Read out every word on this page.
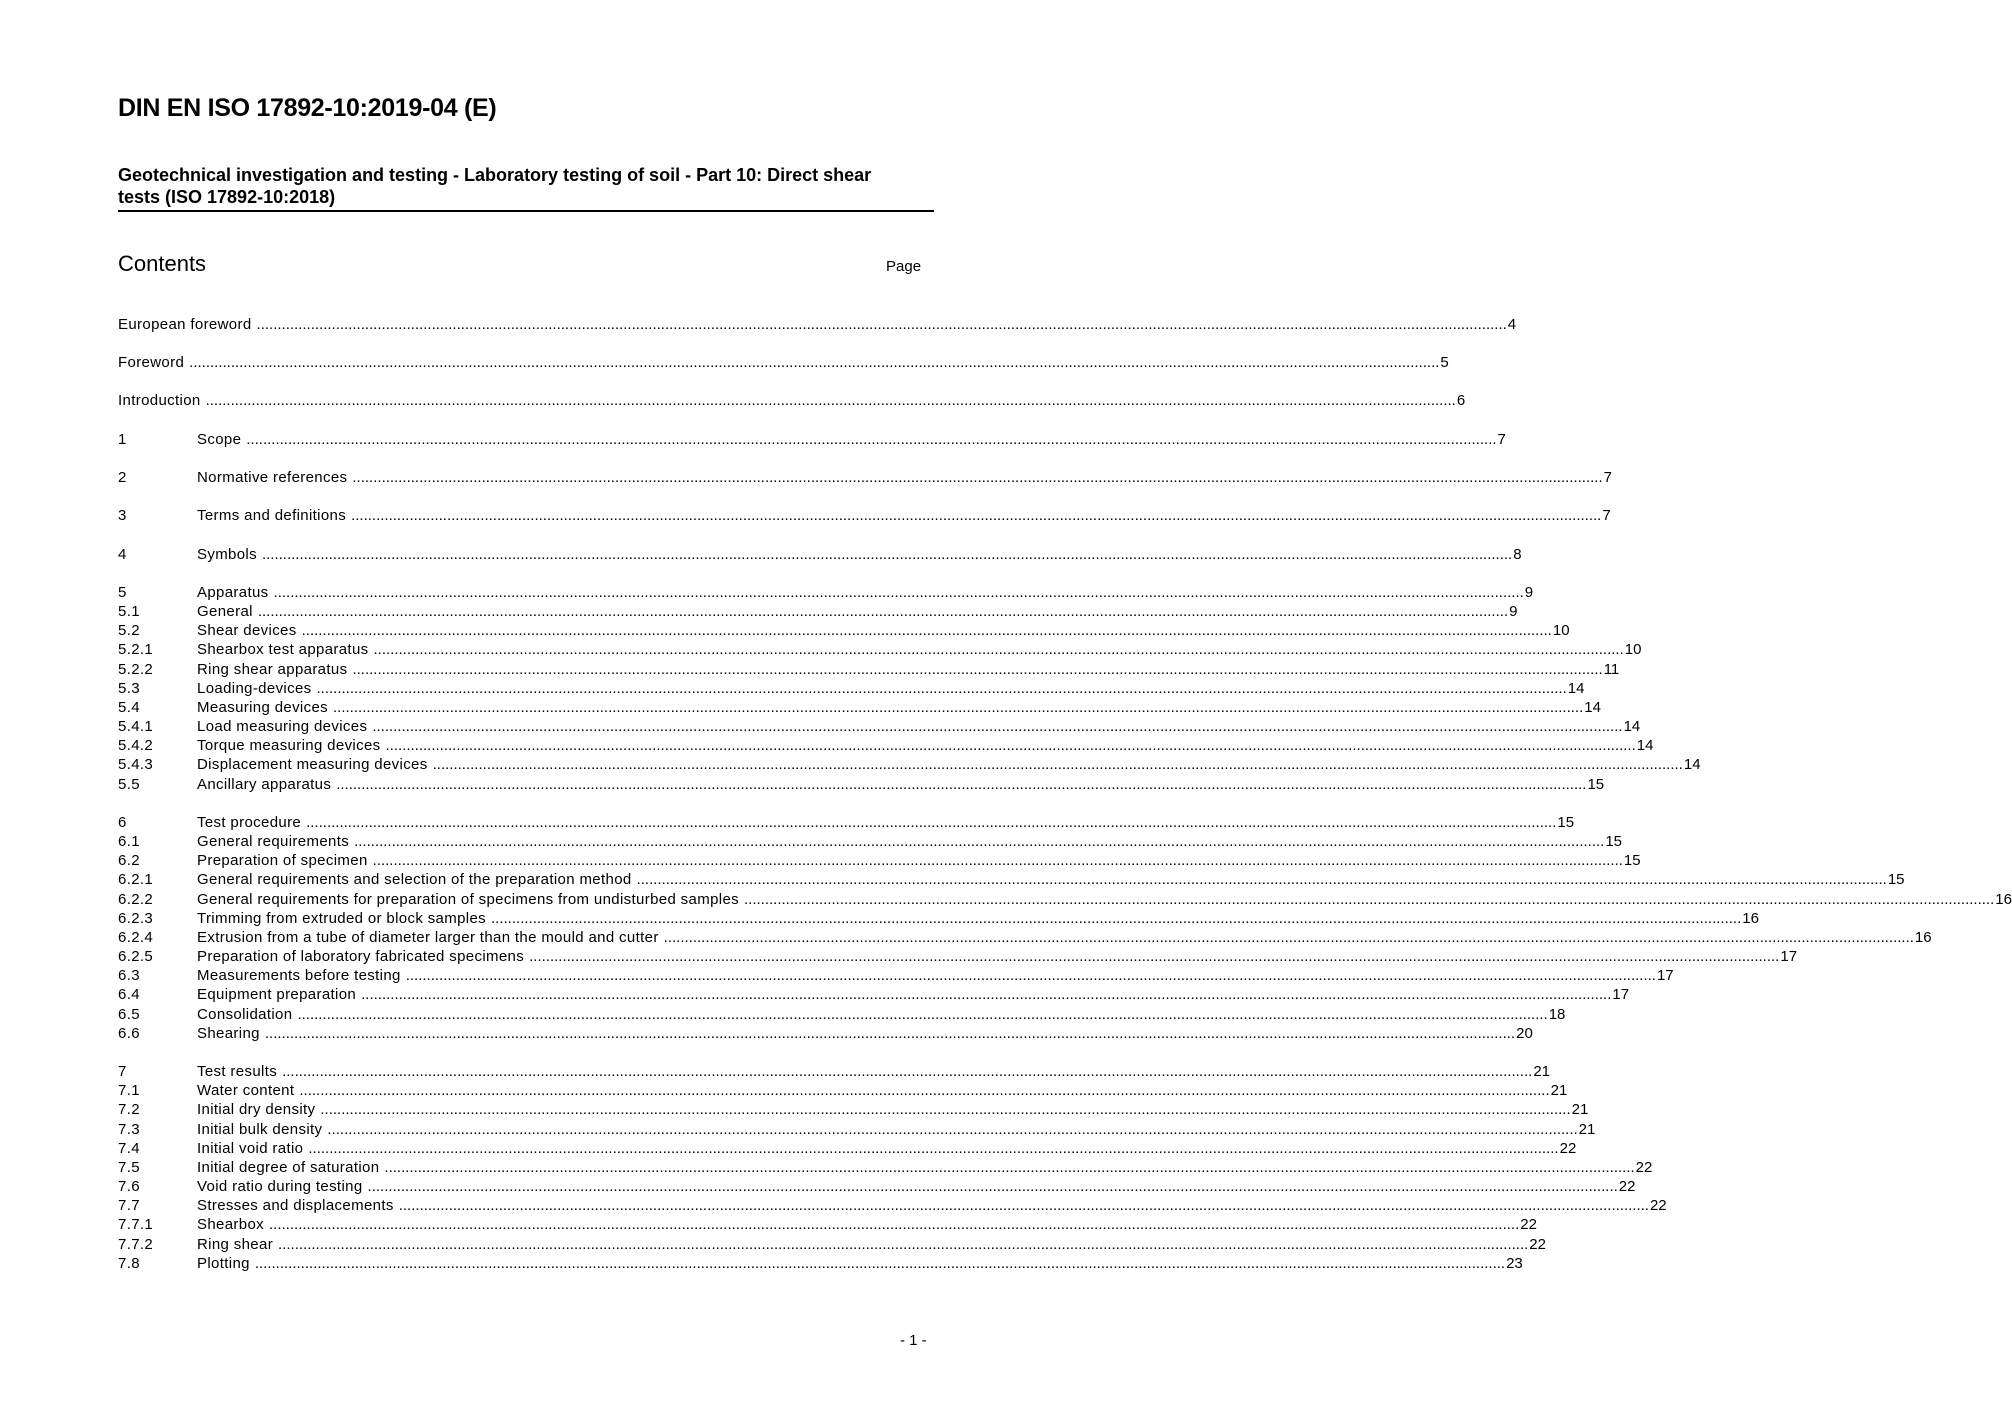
DIN EN ISO 17892-10:2019-04 (E)
Geotechnical investigation and testing - Laboratory testing of soil - Part 10: Direct shear tests (ISO 17892-10:2018)
Contents	Page
European foreword ............................................................................................................................................................................................................................................................................................................ 4
Foreword ............................................................................................................................................................................................................................................................................................................ 5
Introduction ............................................................................................................................................................................................................................................................................................................ 6
1	Scope ............................................................................................................................................................................................................................................................................................................ 7
2	Normative references ............................................................................................................................................................................................................................................................................................................ 7
3	Terms and definitions ............................................................................................................................................................................................................................................................................................................ 7
4	Symbols ............................................................................................................................................................................................................................................................................................................ 8
5	Apparatus ............................................................................................................................................................................................................................................................................................................ 9
5.1	General ............................................................................................................................................................................................................................................................................................................ 9
5.2	Shear devices ............................................................................................................................................................................................................................................................................................................ 10
5.2.1	Shearbox test apparatus ............................................................................................................................................................................................................................................................................................................ 10
5.2.2	Ring shear apparatus ............................................................................................................................................................................................................................................................................................................ 11
5.3	Loading-devices ............................................................................................................................................................................................................................................................................................................ 14
5.4	Measuring devices ............................................................................................................................................................................................................................................................................................................ 14
5.4.1	Load measuring devices ............................................................................................................................................................................................................................................................................................................ 14
5.4.2	Torque measuring devices ............................................................................................................................................................................................................................................................................................................ 14
5.4.3	Displacement measuring devices ............................................................................................................................................................................................................................................................................................................ 14
5.5	Ancillary apparatus ............................................................................................................................................................................................................................................................................................................ 15
6	Test procedure ............................................................................................................................................................................................................................................................................................................ 15
6.1	General requirements ............................................................................................................................................................................................................................................................................................................ 15
6.2	Preparation of specimen ............................................................................................................................................................................................................................................................................................................ 15
6.2.1	General requirements and selection of the preparation method ............................................................................................................................................................................................................................................................................................................ 15
6.2.2	General requirements for preparation of specimens from undisturbed samples ............................................................................................................................................................................................................................................................................................................ 16
6.2.3	Trimming from extruded or block samples ............................................................................................................................................................................................................................................................................................................ 16
6.2.4	Extrusion from a tube of diameter larger than the mould and cutter ............................................................................................................................................................................................................................................................................................................ 16
6.2.5	Preparation of laboratory fabricated specimens ............................................................................................................................................................................................................................................................................................................ 17
6.3	Measurements before testing ............................................................................................................................................................................................................................................................................................................ 17
6.4	Equipment preparation ............................................................................................................................................................................................................................................................................................................ 17
6.5	Consolidation ............................................................................................................................................................................................................................................................................................................ 18
6.6	Shearing ............................................................................................................................................................................................................................................................................................................ 20
7	Test results ............................................................................................................................................................................................................................................................................................................ 21
7.1	Water content ............................................................................................................................................................................................................................................................................................................ 21
7.2	Initial dry density ............................................................................................................................................................................................................................................................................................................ 21
7.3	Initial bulk density ............................................................................................................................................................................................................................................................................................................ 21
7.4	Initial void ratio ............................................................................................................................................................................................................................................................................................................ 22
7.5	Initial degree of saturation ............................................................................................................................................................................................................................................................................................................ 22
7.6	Void ratio during testing ............................................................................................................................................................................................................................................................................................................ 22
7.7	Stresses and displacements ............................................................................................................................................................................................................................................................................................................ 22
7.7.1	Shearbox ............................................................................................................................................................................................................................................................................................................ 22
7.7.2	Ring shear ............................................................................................................................................................................................................................................................................................................ 22
7.8	Plotting ............................................................................................................................................................................................................................................................................................................ 23
- 1 -
